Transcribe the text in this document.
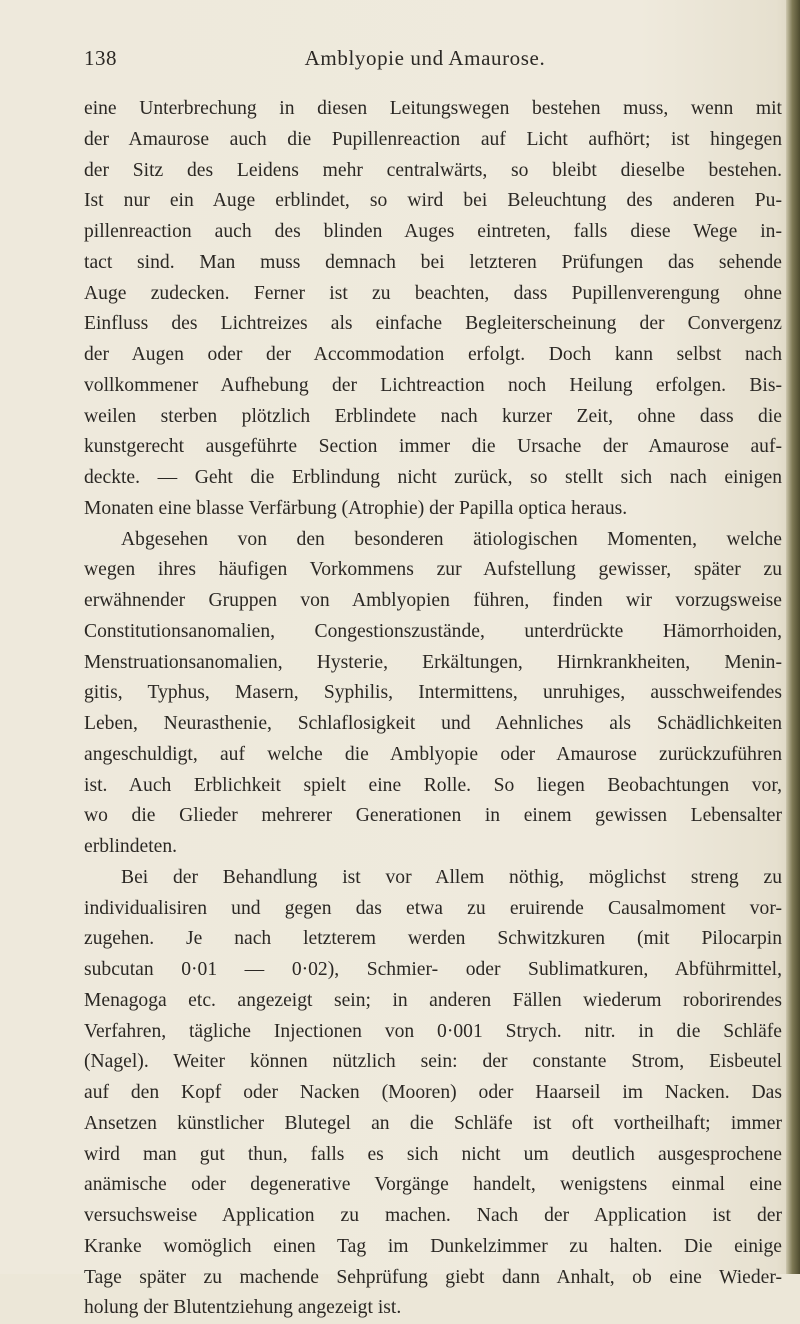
138	Amblyopie und Amaurose.
eine Unterbrechung in diesen Leitungswegen bestehen muss, wenn mit
der Amaurose auch die Pupillenreaction auf Licht aufhört; ist hingegen
der Sitz des Leidens mehr centralwärts, so bleibt dieselbe bestehen.
Ist nur ein Auge erblindet, so wird bei Beleuchtung des anderen Pu-
pillenreaction auch des blinden Auges eintreten, falls diese Wege in-
tact sind. Man muss demnach bei letzteren Prüfungen das sehende
Auge zudecken. Ferner ist zu beachten, dass Pupillenverengung ohne
Einfluss des Lichtreizes als einfache Begleiterscheinung der Convergenz
der Augen oder der Accommodation erfolgt. Doch kann selbst nach
vollkommener Aufhebung der Lichtreaction noch Heilung erfolgen. Bis-
weilen sterben plötzlich Erblindete nach kurzer Zeit, ohne dass die
kunstgerecht ausgeführte Section immer die Ursache der Amaurose auf-
deckte. — Geht die Erblindung nicht zurück, so stellt sich nach einigen
Monaten eine blasse Verfärbung (Atrophie) der Papilla optica heraus.
Abgesehen von den besonderen ätiologischen Momenten, welche
wegen ihres häufigen Vorkommens zur Aufstellung gewisser, später zu
erwähnender Gruppen von Amblyopien führen, finden wir vorzugsweise
Constitutionsanomalien, Congestionszustände, unterdrückte Hämorrhoiden,
Menstruationsanomalien, Hysterie, Erkältungen, Hirnkrankheiten, Menin-
gitis, Typhus, Masern, Syphilis, Intermittens, unruhiges, ausschweifendes
Leben, Neurasthenie, Schlaflosigkeit und Aehnliches als Schädlichkeiten
angeschuldigt, auf welche die Amblyopie oder Amaurose zurückzuführen
ist. Auch Erblichkeit spielt eine Rolle. So liegen Beobachtungen vor,
wo die Glieder mehrerer Generationen in einem gewissen Lebensalter
erblindeten.
Bei der Behandlung ist vor Allem nöthig, möglichst streng zu
individualisiren und gegen das etwa zu eruirende Causalmoment vor-
zugehen. Je nach letzterem werden Schwitzkuren (mit Pilocarpin
subcutan 0·01 — 0·02), Schmier- oder Sublimatkuren, Abführmittel,
Menagoga etc. angezeigt sein; in anderen Fällen wiederum roborirendes
Verfahren, tägliche Injectionen von 0·001 Strych. nitr. in die Schläfe
(Nagel). Weiter können nützlich sein: der constante Strom, Eisbeutel
auf den Kopf oder Nacken (Mooren) oder Haarseil im Nacken. Das
Ansetzen künstlicher Blutegel an die Schläfe ist oft vortheilhaft; immer
wird man gut thun, falls es sich nicht um deutlich ausgesprochene
anämische oder degenerative Vorgänge handelt, wenigstens einmal eine
versuchsweise Application zu machen. Nach der Application ist der
Kranke womöglich einen Tag im Dunkelzimmer zu halten. Die einige
Tage später zu machende Sehprüfung giebt dann Anhalt, ob eine Wieder-
holung der Blutentziehung angezeigt ist.
